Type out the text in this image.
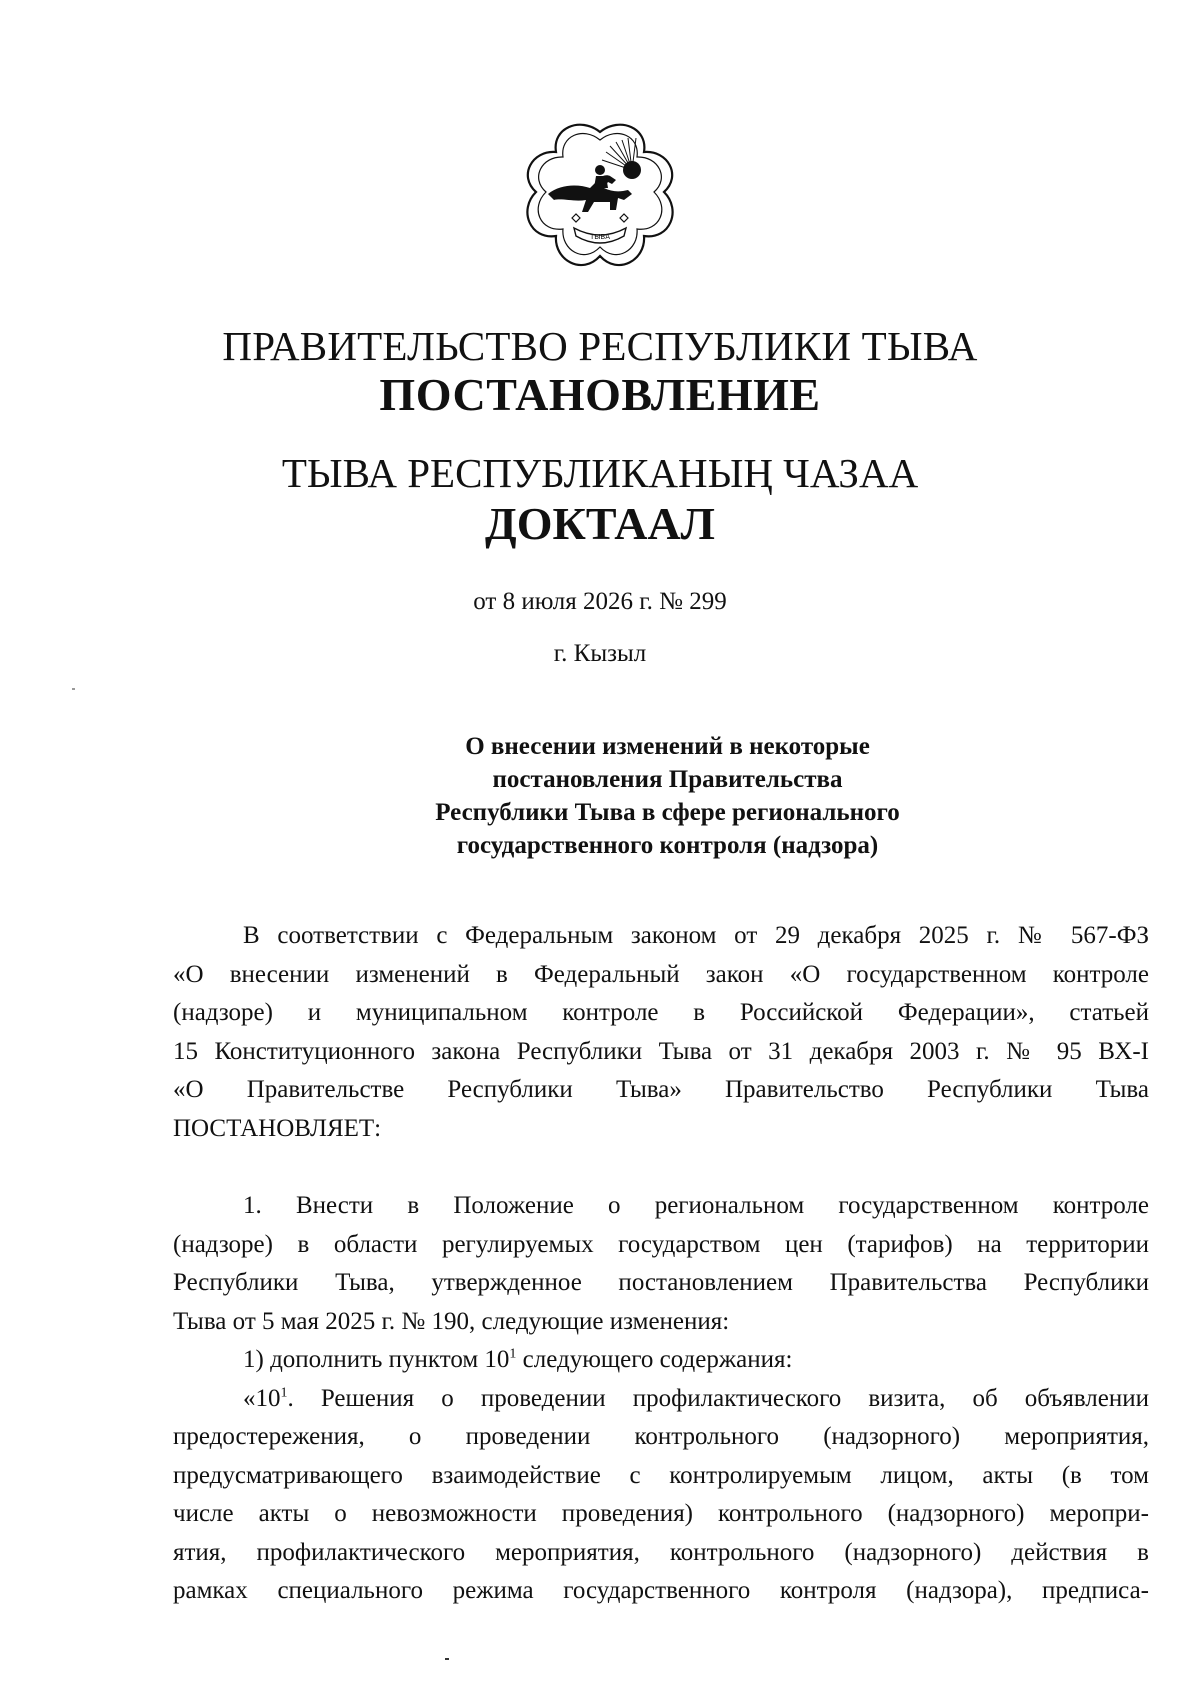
ТЫВА
ПРАВИТЕЛЬСТВО РЕСПУБЛИКИ ТЫВА
ПОСТАНОВЛЕНИЕ
ТЫВА РЕСПУБЛИКАНЫҢ ЧАЗАА
ДОКТААЛ
от 8 июля 2026 г. № 299
г. Кызыл
О внесении изменений в некоторые
постановления Правительства
Республики Тыва в сфере регионального
государственного контроля (надзора)
В соответствии с Федеральным законом от 29 декабря 2025 г. № 567-ФЗ
«О внесении изменений в Федеральный закон «О государственном контроле
(надзоре) и муниципальном контроле в Российской Федерации», статьей
15 Конституционного закона Республики Тыва от 31 декабря 2003 г. № 95 ВХ-I
«О Правительстве Республики Тыва» Правительство Республики Тыва
ПОСТАНОВЛЯЕТ:
1. Внести в Положение о региональном государственном контроле
(надзоре) в области регулируемых государством цен (тарифов) на территории
Республики Тыва, утвержденное постановлением Правительства Республики
Тыва от 5 мая 2025 г. № 190, следующие изменения:
1) дополнить пунктом $10^1$ следующего содержания:
«$10^1$. Решения о проведении профилактического визита, об объявлении
предостережения, о проведении контрольного (надзорного) мероприятия,
предусматривающего взаимодействие с контролируемым лицом, акты (в том
числе акты о невозможности проведения) контрольного (надзорного) меропри-
ятия, профилактического мероприятия, контрольного (надзорного) действия в
рамках специального режима государственного контроля (надзора), предписа-
